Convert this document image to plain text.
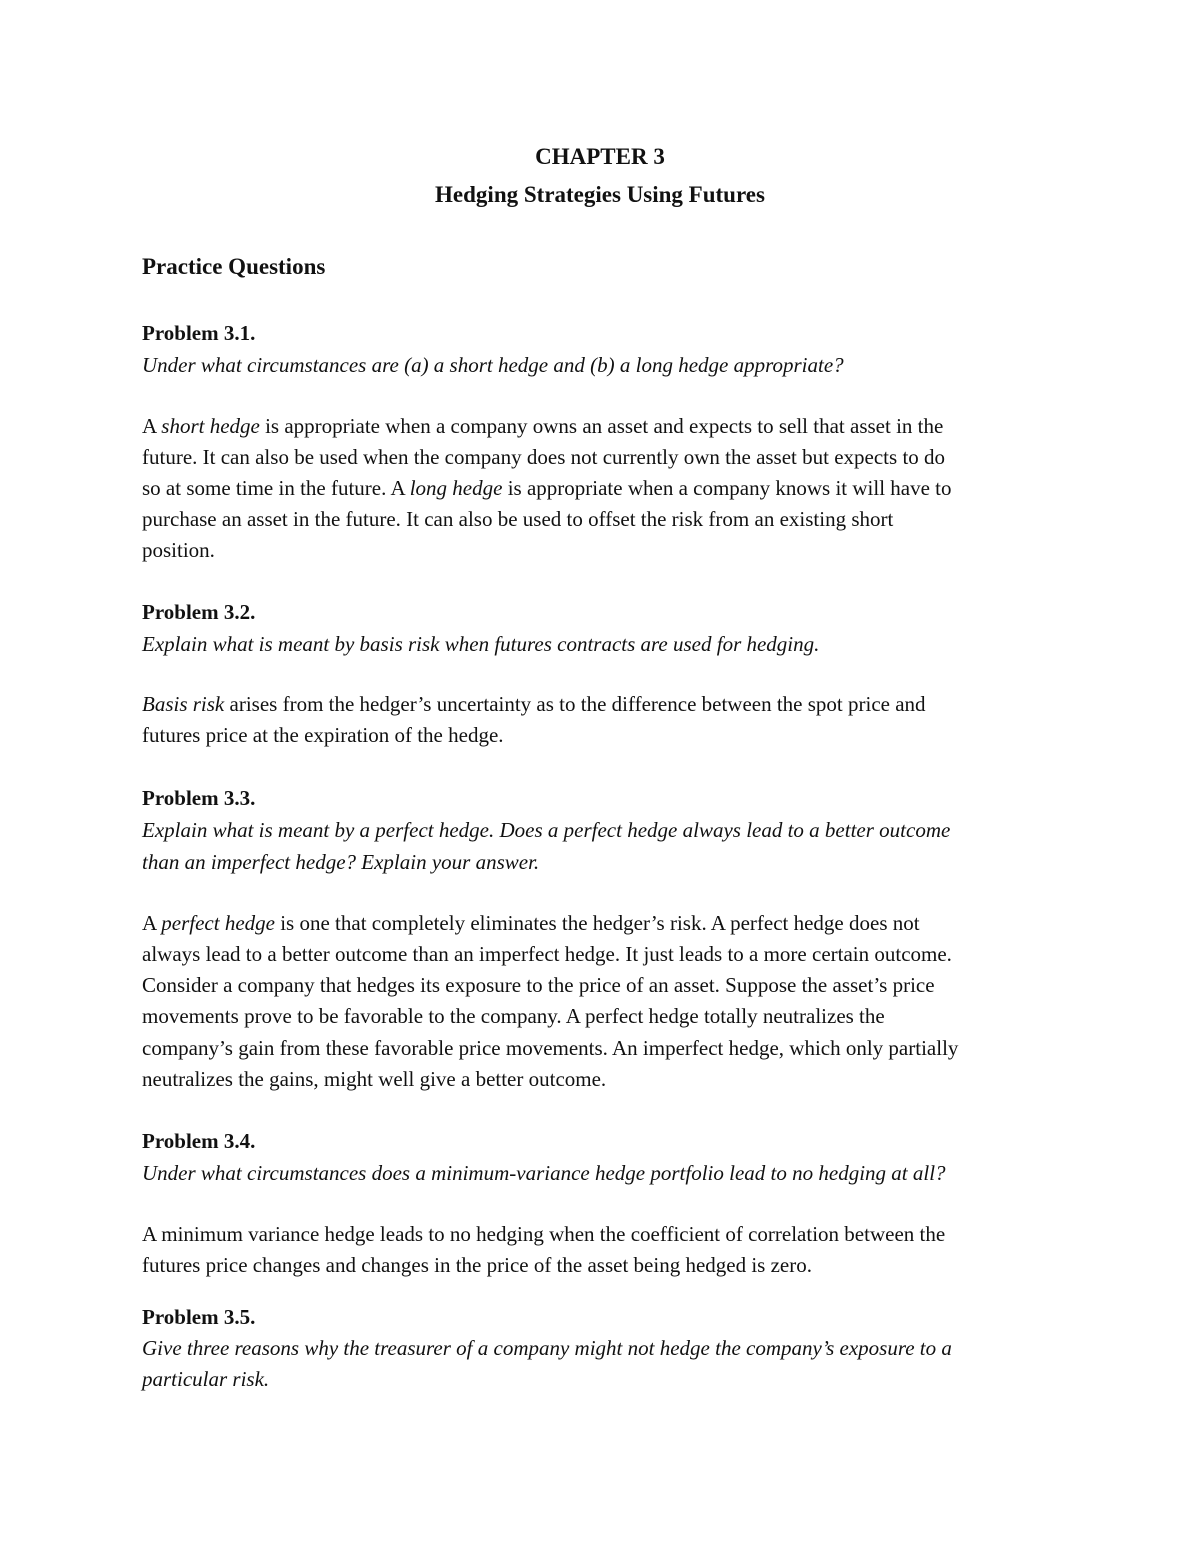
CHAPTER 3
Hedging Strategies Using Futures
Practice Questions
Problem 3.1.
Under what circumstances are (a) a short hedge and (b) a long hedge appropriate?
A short hedge is appropriate when a company owns an asset and expects to sell that asset in the
future. It can also be used when the company does not currently own the asset but expects to do
so at some time in the future. A long hedge is appropriate when a company knows it will have to
purchase an asset in the future. It can also be used to offset the risk from an existing short
position.
Problem 3.2.
Explain what is meant by basis risk when futures contracts are used for hedging.
Basis risk arises from the hedger’s uncertainty as to the difference between the spot price and
futures price at the expiration of the hedge.
Problem 3.3.
Explain what is meant by a perfect hedge. Does a perfect hedge always lead to a better outcome
than an imperfect hedge? Explain your answer.
A perfect hedge is one that completely eliminates the hedger’s risk. A perfect hedge does not
always lead to a better outcome than an imperfect hedge. It just leads to a more certain outcome.
Consider a company that hedges its exposure to the price of an asset. Suppose the asset’s price
movements prove to be favorable to the company. A perfect hedge totally neutralizes the
company’s gain from these favorable price movements. An imperfect hedge, which only partially
neutralizes the gains, might well give a better outcome.
Problem 3.4.
Under what circumstances does a minimum-variance hedge portfolio lead to no hedging at all?
A minimum variance hedge leads to no hedging when the coefficient of correlation between the
futures price changes and changes in the price of the asset being hedged is zero.
Problem 3.5.
Give three reasons why the treasurer of a company might not hedge the company’s exposure to a
particular risk.
